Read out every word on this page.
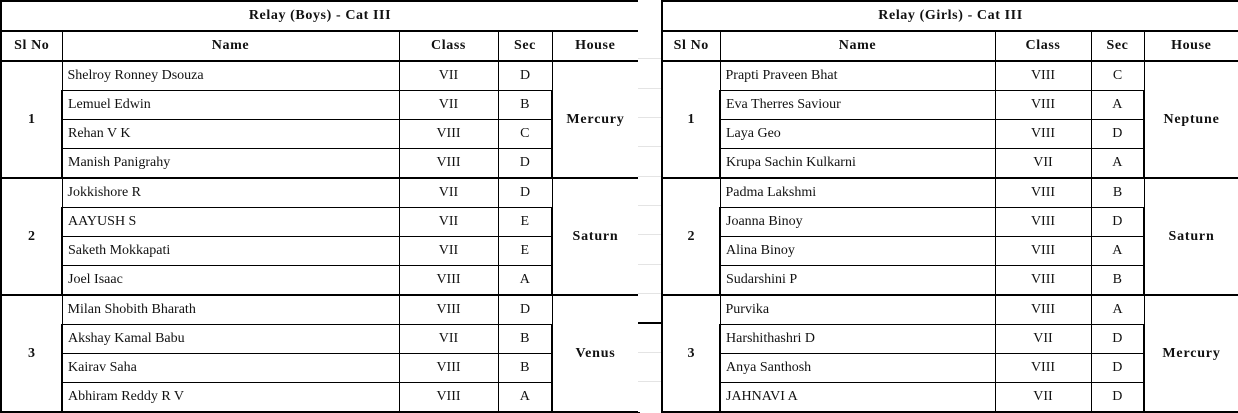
Relay (Boys) - Cat III				
Sl No	Name	Class	Sec	House
1	Shelroy Ronney Dsouza	VII	D	Mercury
	Lemuel Edwin	VII	B	
	Rehan V K	VIII	C	
	Manish Panigrahy	VIII	D	
2	Jokkishore R	VII	D	Saturn
	AAYUSH S	VII	E	
	Saketh Mokkapati	VII	E	
	Joel Isaac	VIII	A	
3	Milan Shobith Bharath	VIII	D	Venus
	Akshay Kamal Babu	VII	B	
	Kairav Saha	VIII	B	
	Abhiram Reddy R V	VIII	A	
Relay (Girls) - Cat III				
Sl No	Name	Class	Sec	House
1	Prapti Praveen Bhat	VIII	C	Neptune
	Eva Therres Saviour	VIII	A	
	Laya Geo	VIII	D	
	Krupa Sachin Kulkarni	VII	A	
2	Padma Lakshmi	VIII	B	Saturn
	Joanna Binoy	VIII	D	
	Alina Binoy	VIII	A	
	Sudarshini P	VIII	B	
3	Purvika	VIII	A	Mercury
	Harshithashri D	VII	D	
	Anya Santhosh	VIII	D	
	JAHNAVI A	VII	D	
